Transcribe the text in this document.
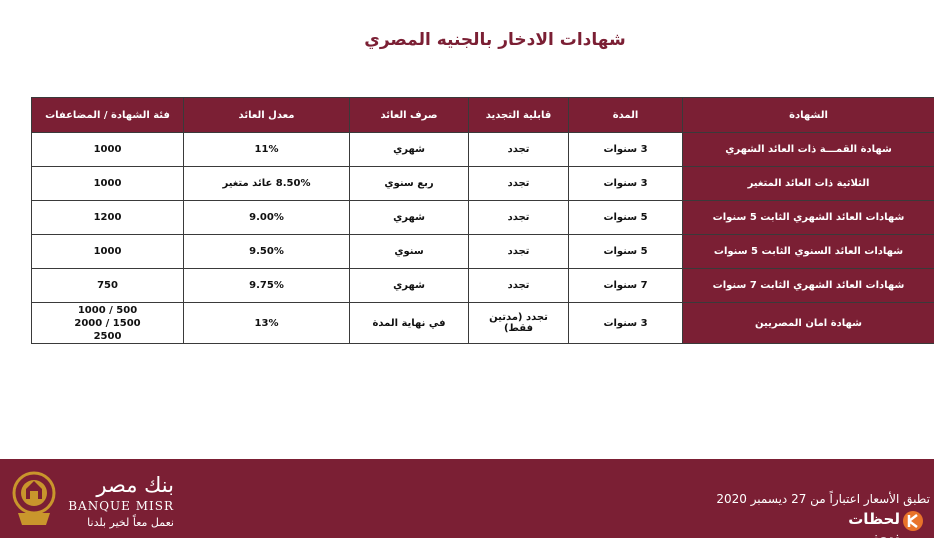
شهادات الادخار بالجنيه المصري
الشهادة	المدة	قابلية التجديد	صرف العائد	معدل العائد	فئة الشهادة / المضاعفات
شهادة القمـــة ذات العائد الشهري	3 سنوات	تجدد	شهري	11%	1000
الثلاثية ذات العائد المتغير	3 سنوات	تجدد	ربع سنوي	8.50% عائد متغير	1000
شهادات العائد الشهري الثابت 5 سنوات	5 سنوات	تجدد	شهري	9.00%	1200
شهادات العائد السنوي الثابت 5 سنوات	5 سنوات	تجدد	سنوي	9.50%	1000
شهادات العائد الشهري الثابت 7 سنوات	7 سنوات	تجدد	شهري	9.75%	750
شهادة امان المصريين	3 سنوات	تجدد (مدتين فقط)	في نهاية المدة	13%	1000 / 500
2000 / 1500
2500
بنك مصر
BANQUE MISR
نعمل معاً لخير بلدنا
تطبق الأسعار اعتباراً من 27 ديسمبر 2020
لحظات نيوز
